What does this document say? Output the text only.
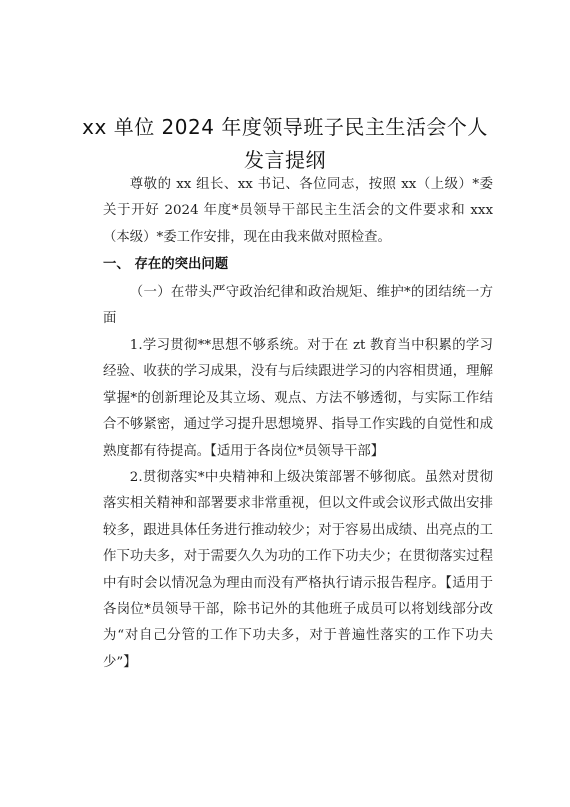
xx 单位 2024 年度领导班子民主生活会个人
发言提纲

尊敬的 xx 组长、xx 书记、各位同志，按照 xx（上级）*委关于开好 2024 年度*员领导干部民主生活会的文件要求和 xxx（本级）*委工作安排，现在由我来做对照检查。

一、 存在的突出问题

（一）在带头严守政治纪律和政治规矩、维护*的团结统一方面

1.学习贯彻**思想不够系统。对于在 zt 教育当中积累的学习经验、收获的学习成果，没有与后续跟进学习的内容相贯通，理解掌握*的创新理论及其立场、观点、方法不够透彻，与实际工作结合不够紧密，通过学习提升思想境界、指导工作实践的自觉性和成熟度都有待提高。【适用于各岗位*员领导干部】

2.贯彻落实*中央精神和上级决策部署不够彻底。虽然对贯彻落实相关精神和部署要求非常重视，但以文件或会议形式做出安排较多，跟进具体任务进行推动较少；对于容易出成绩、出亮点的工作下功夫多，对于需要久久为功的工作下功夫少；在贯彻落实过程中有时会以情况急为理由而没有严格执行请示报告程序。【适用于各岗位*员领导干部，除书记外的其他班子成员可以将划线部分改为“对自己分管的工作下功夫多，对于普遍性落实的工作下功夫少”】
